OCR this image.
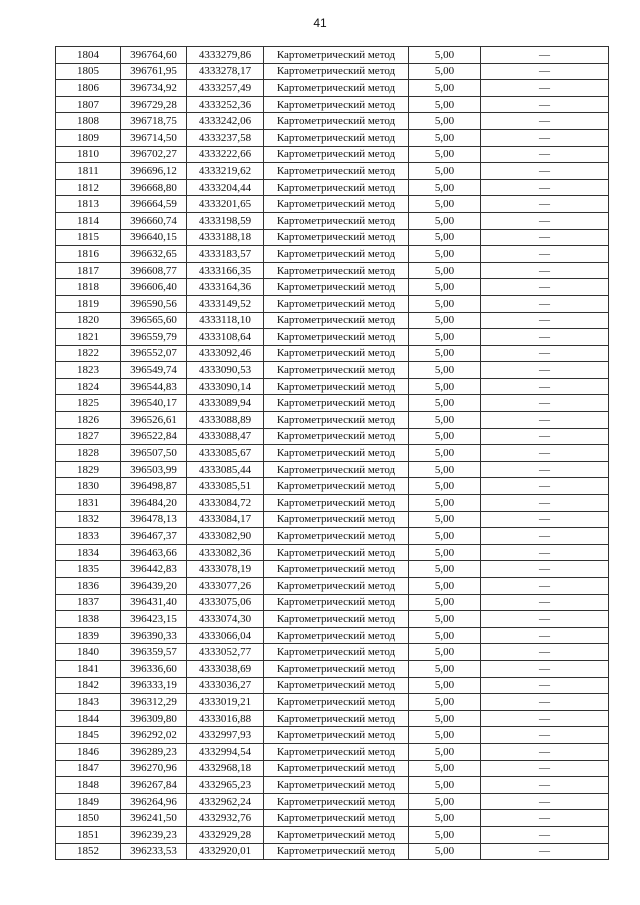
41
1804	396764,60	4333279,86	Картометрический метод	5,00	—
1805	396761,95	4333278,17	Картометрический метод	5,00	—
1806	396734,92	4333257,49	Картометрический метод	5,00	—
1807	396729,28	4333252,36	Картометрический метод	5,00	—
1808	396718,75	4333242,06	Картометрический метод	5,00	—
1809	396714,50	4333237,58	Картометрический метод	5,00	—
1810	396702,27	4333222,66	Картометрический метод	5,00	—
1811	396696,12	4333219,62	Картометрический метод	5,00	—
1812	396668,80	4333204,44	Картометрический метод	5,00	—
1813	396664,59	4333201,65	Картометрический метод	5,00	—
1814	396660,74	4333198,59	Картометрический метод	5,00	—
1815	396640,15	4333188,18	Картометрический метод	5,00	—
1816	396632,65	4333183,57	Картометрический метод	5,00	—
1817	396608,77	4333166,35	Картометрический метод	5,00	—
1818	396606,40	4333164,36	Картометрический метод	5,00	—
1819	396590,56	4333149,52	Картометрический метод	5,00	—
1820	396565,60	4333118,10	Картометрический метод	5,00	—
1821	396559,79	4333108,64	Картометрический метод	5,00	—
1822	396552,07	4333092,46	Картометрический метод	5,00	—
1823	396549,74	4333090,53	Картометрический метод	5,00	—
1824	396544,83	4333090,14	Картометрический метод	5,00	—
1825	396540,17	4333089,94	Картометрический метод	5,00	—
1826	396526,61	4333088,89	Картометрический метод	5,00	—
1827	396522,84	4333088,47	Картометрический метод	5,00	—
1828	396507,50	4333085,67	Картометрический метод	5,00	—
1829	396503,99	4333085,44	Картометрический метод	5,00	—
1830	396498,87	4333085,51	Картометрический метод	5,00	—
1831	396484,20	4333084,72	Картометрический метод	5,00	—
1832	396478,13	4333084,17	Картометрический метод	5,00	—
1833	396467,37	4333082,90	Картометрический метод	5,00	—
1834	396463,66	4333082,36	Картометрический метод	5,00	—
1835	396442,83	4333078,19	Картометрический метод	5,00	—
1836	396439,20	4333077,26	Картометрический метод	5,00	—
1837	396431,40	4333075,06	Картометрический метод	5,00	—
1838	396423,15	4333074,30	Картометрический метод	5,00	—
1839	396390,33	4333066,04	Картометрический метод	5,00	—
1840	396359,57	4333052,77	Картометрический метод	5,00	—
1841	396336,60	4333038,69	Картометрический метод	5,00	—
1842	396333,19	4333036,27	Картометрический метод	5,00	—
1843	396312,29	4333019,21	Картометрический метод	5,00	—
1844	396309,80	4333016,88	Картометрический метод	5,00	—
1845	396292,02	4332997,93	Картометрический метод	5,00	—
1846	396289,23	4332994,54	Картометрический метод	5,00	—
1847	396270,96	4332968,18	Картометрический метод	5,00	—
1848	396267,84	4332965,23	Картометрический метод	5,00	—
1849	396264,96	4332962,24	Картометрический метод	5,00	—
1850	396241,50	4332932,76	Картометрический метод	5,00	—
1851	396239,23	4332929,28	Картометрический метод	5,00	—
1852	396233,53	4332920,01	Картометрический метод	5,00	—
